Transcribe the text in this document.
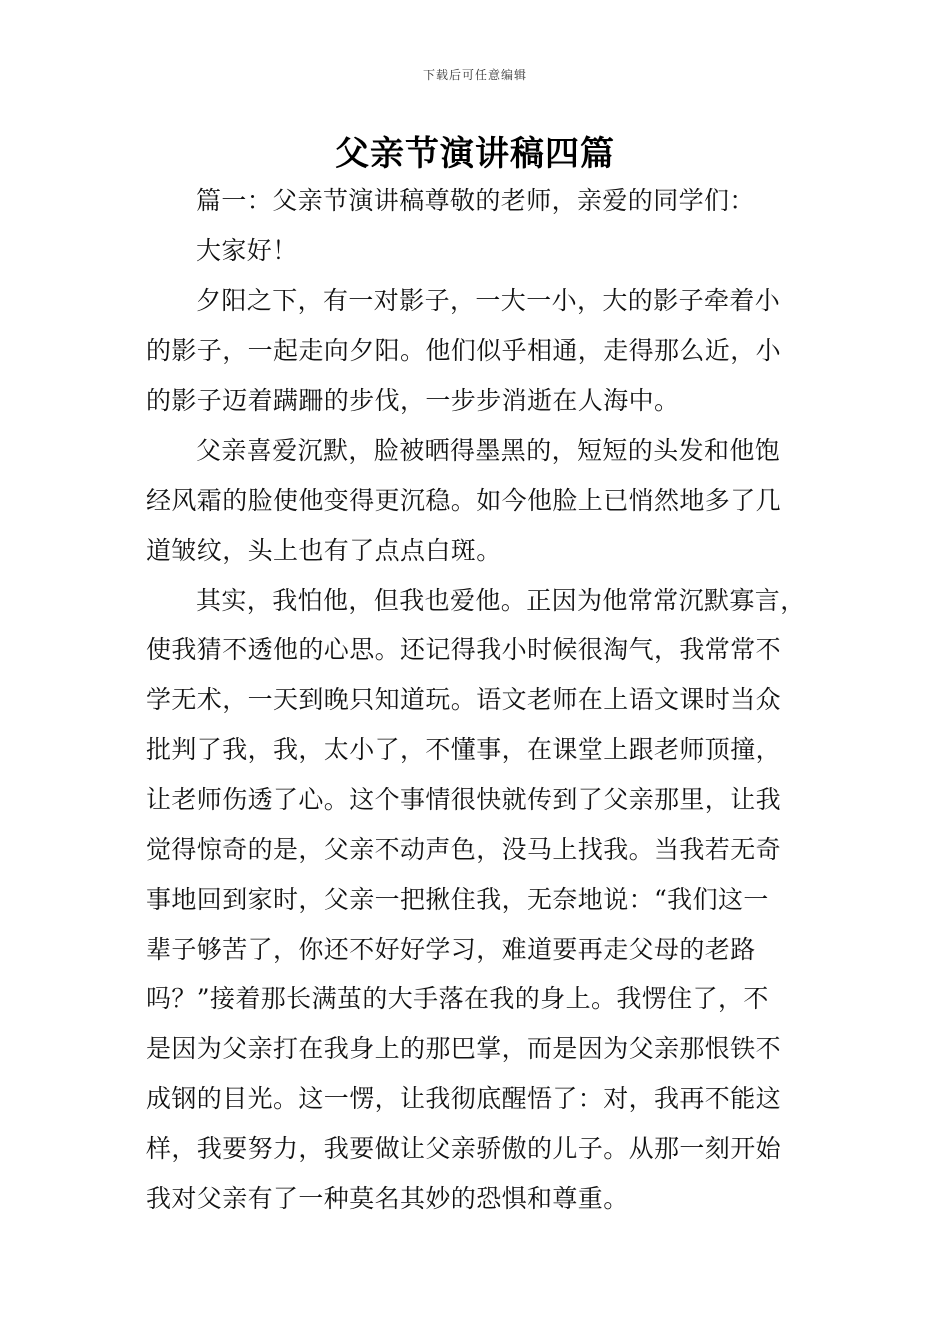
下载后可任意编辑
父亲节演讲稿四篇
篇一：父亲节演讲稿尊敬的老师，亲爱的同学们：
大家好！
夕阳之下，有一对影子，一大一小，大的影子牵着小
的影子，一起走向夕阳。他们似乎相通，走得那么近，小
的影子迈着蹒跚的步伐，一步步消逝在人海中。
父亲喜爱沉默，脸被晒得墨黑的，短短的头发和他饱
经风霜的脸使他变得更沉稳。如今他脸上已悄然地多了几
道皱纹，头上也有了点点白斑。
其实，我怕他，但我也爱他。正因为他常常沉默寡言，
使我猜不透他的心思。还记得我小时候很淘气，我常常不
学无术，一天到晚只知道玩。语文老师在上语文课时当众
批判了我，我，太小了，不懂事，在课堂上跟老师顶撞，
让老师伤透了心。这个事情很快就传到了父亲那里，让我
觉得惊奇的是，父亲不动声色，没马上找我。当我若无奇
事地回到家时，父亲一把揪住我，无奈地说：“我们这一
辈子够苦了，你还不好好学习，难道要再走父母的老路
吗？”接着那长满茧的大手落在我的身上。我愣住了，不
是因为父亲打在我身上的那巴掌，而是因为父亲那恨铁不
成钢的目光。这一愣，让我彻底醒悟了：对，我再不能这
样，我要努力，我要做让父亲骄傲的儿子。从那一刻开始
我对父亲有了一种莫名其妙的恐惧和尊重。
